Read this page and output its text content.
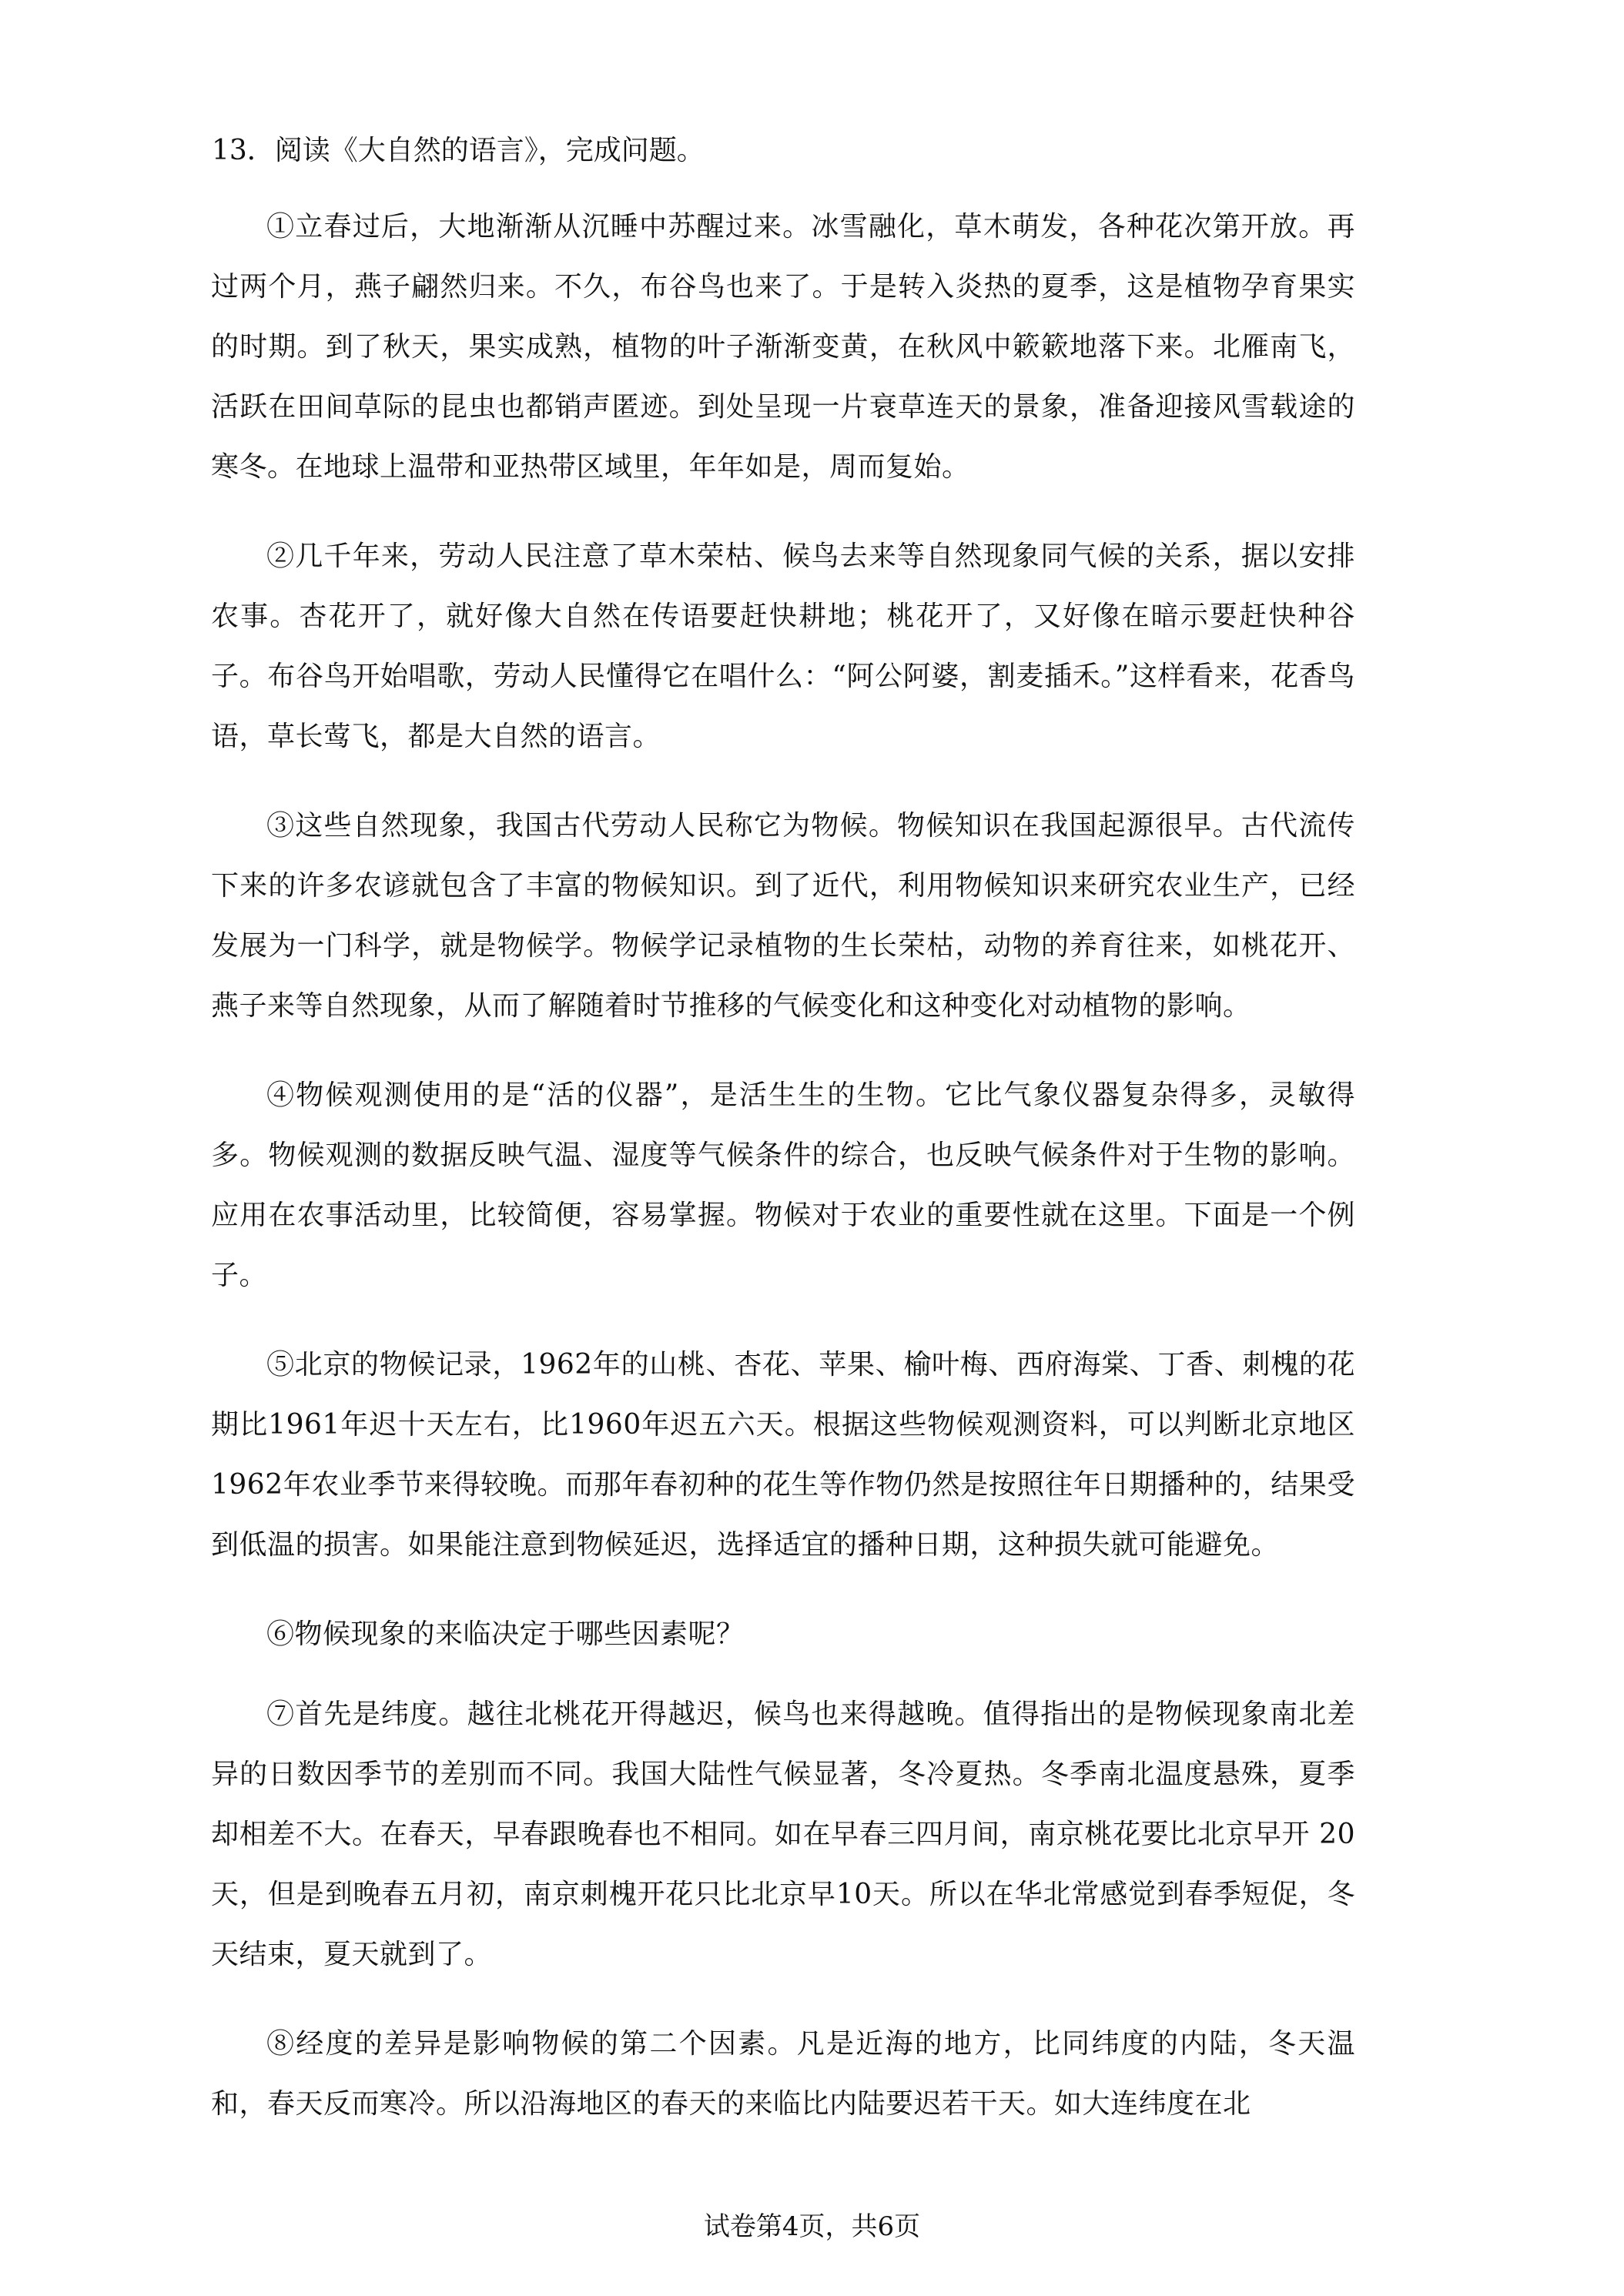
13．阅读《大自然的语言》，完成问题。

①立春过后，大地渐渐从沉睡中苏醒过来。冰雪融化，草木萌发，各种花次第开放。再过两个月，燕子翩然归来。不久，布谷鸟也来了。于是转入炎热的夏季，这是植物孕育果实的时期。到了秋天，果实成熟，植物的叶子渐渐变黄，在秋风中簌簌地落下来。北雁南飞，活跃在田间草际的昆虫也都销声匿迹。到处呈现一片衰草连天的景象，准备迎接风雪载途的寒冬。在地球上温带和亚热带区域里，年年如是，周而复始。

②几千年来，劳动人民注意了草木荣枯、候鸟去来等自然现象同气候的关系，据以安排农事。杏花开了，就好像大自然在传语要赶快耕地；桃花开了，又好像在暗示要赶快种谷子。布谷鸟开始唱歌，劳动人民懂得它在唱什么：“阿公阿婆，割麦插禾。”这样看来，花香鸟语，草长莺飞，都是大自然的语言。

③这些自然现象，我国古代劳动人民称它为物候。物候知识在我国起源很早。古代流传下来的许多农谚就包含了丰富的物候知识。到了近代，利用物候知识来研究农业生产，已经发展为一门科学，就是物候学。物候学记录植物的生长荣枯，动物的养育往来，如桃花开、燕子来等自然现象，从而了解随着时节推移的气候变化和这种变化对动植物的影响。

④物候观测使用的是“活的仪器”，是活生生的生物。它比气象仪器复杂得多，灵敏得多。物候观测的数据反映气温、湿度等气候条件的综合，也反映气候条件对于生物的影响。应用在农事活动里，比较简便，容易掌握。物候对于农业的重要性就在这里。下面是一个例子。

⑤北京的物候记录，1962年的山桃、杏花、苹果、榆叶梅、西府海棠、丁香、刺槐的花期比1961年迟十天左右，比1960年迟五六天。根据这些物候观测资料，可以判断北京地区1962年农业季节来得较晚。而那年春初种的花生等作物仍然是按照往年日期播种的，结果受到低温的损害。如果能注意到物候延迟，选择适宜的播种日期，这种损失就可能避免。

⑥物候现象的来临决定于哪些因素呢？

⑦首先是纬度。越往北桃花开得越迟，候鸟也来得越晚。值得指出的是物候现象南北差异的日数因季节的差别而不同。我国大陆性气候显著，冬冷夏热。冬季南北温度悬殊，夏季却相差不大。在春天，早春跟晚春也不相同。如在早春三四月间，南京桃花要比北京早开 20天，但是到晚春五月初，南京刺槐开花只比北京早10天。所以在华北常感觉到春季短促，冬天结束，夏天就到了。

⑧经度的差异是影响物候的第二个因素。凡是近海的地方，比同纬度的内陆，冬天温和，春天反而寒冷。所以沿海地区的春天的来临比内陆要迟若干天。如大连纬度在北

试卷第4页，共6页
